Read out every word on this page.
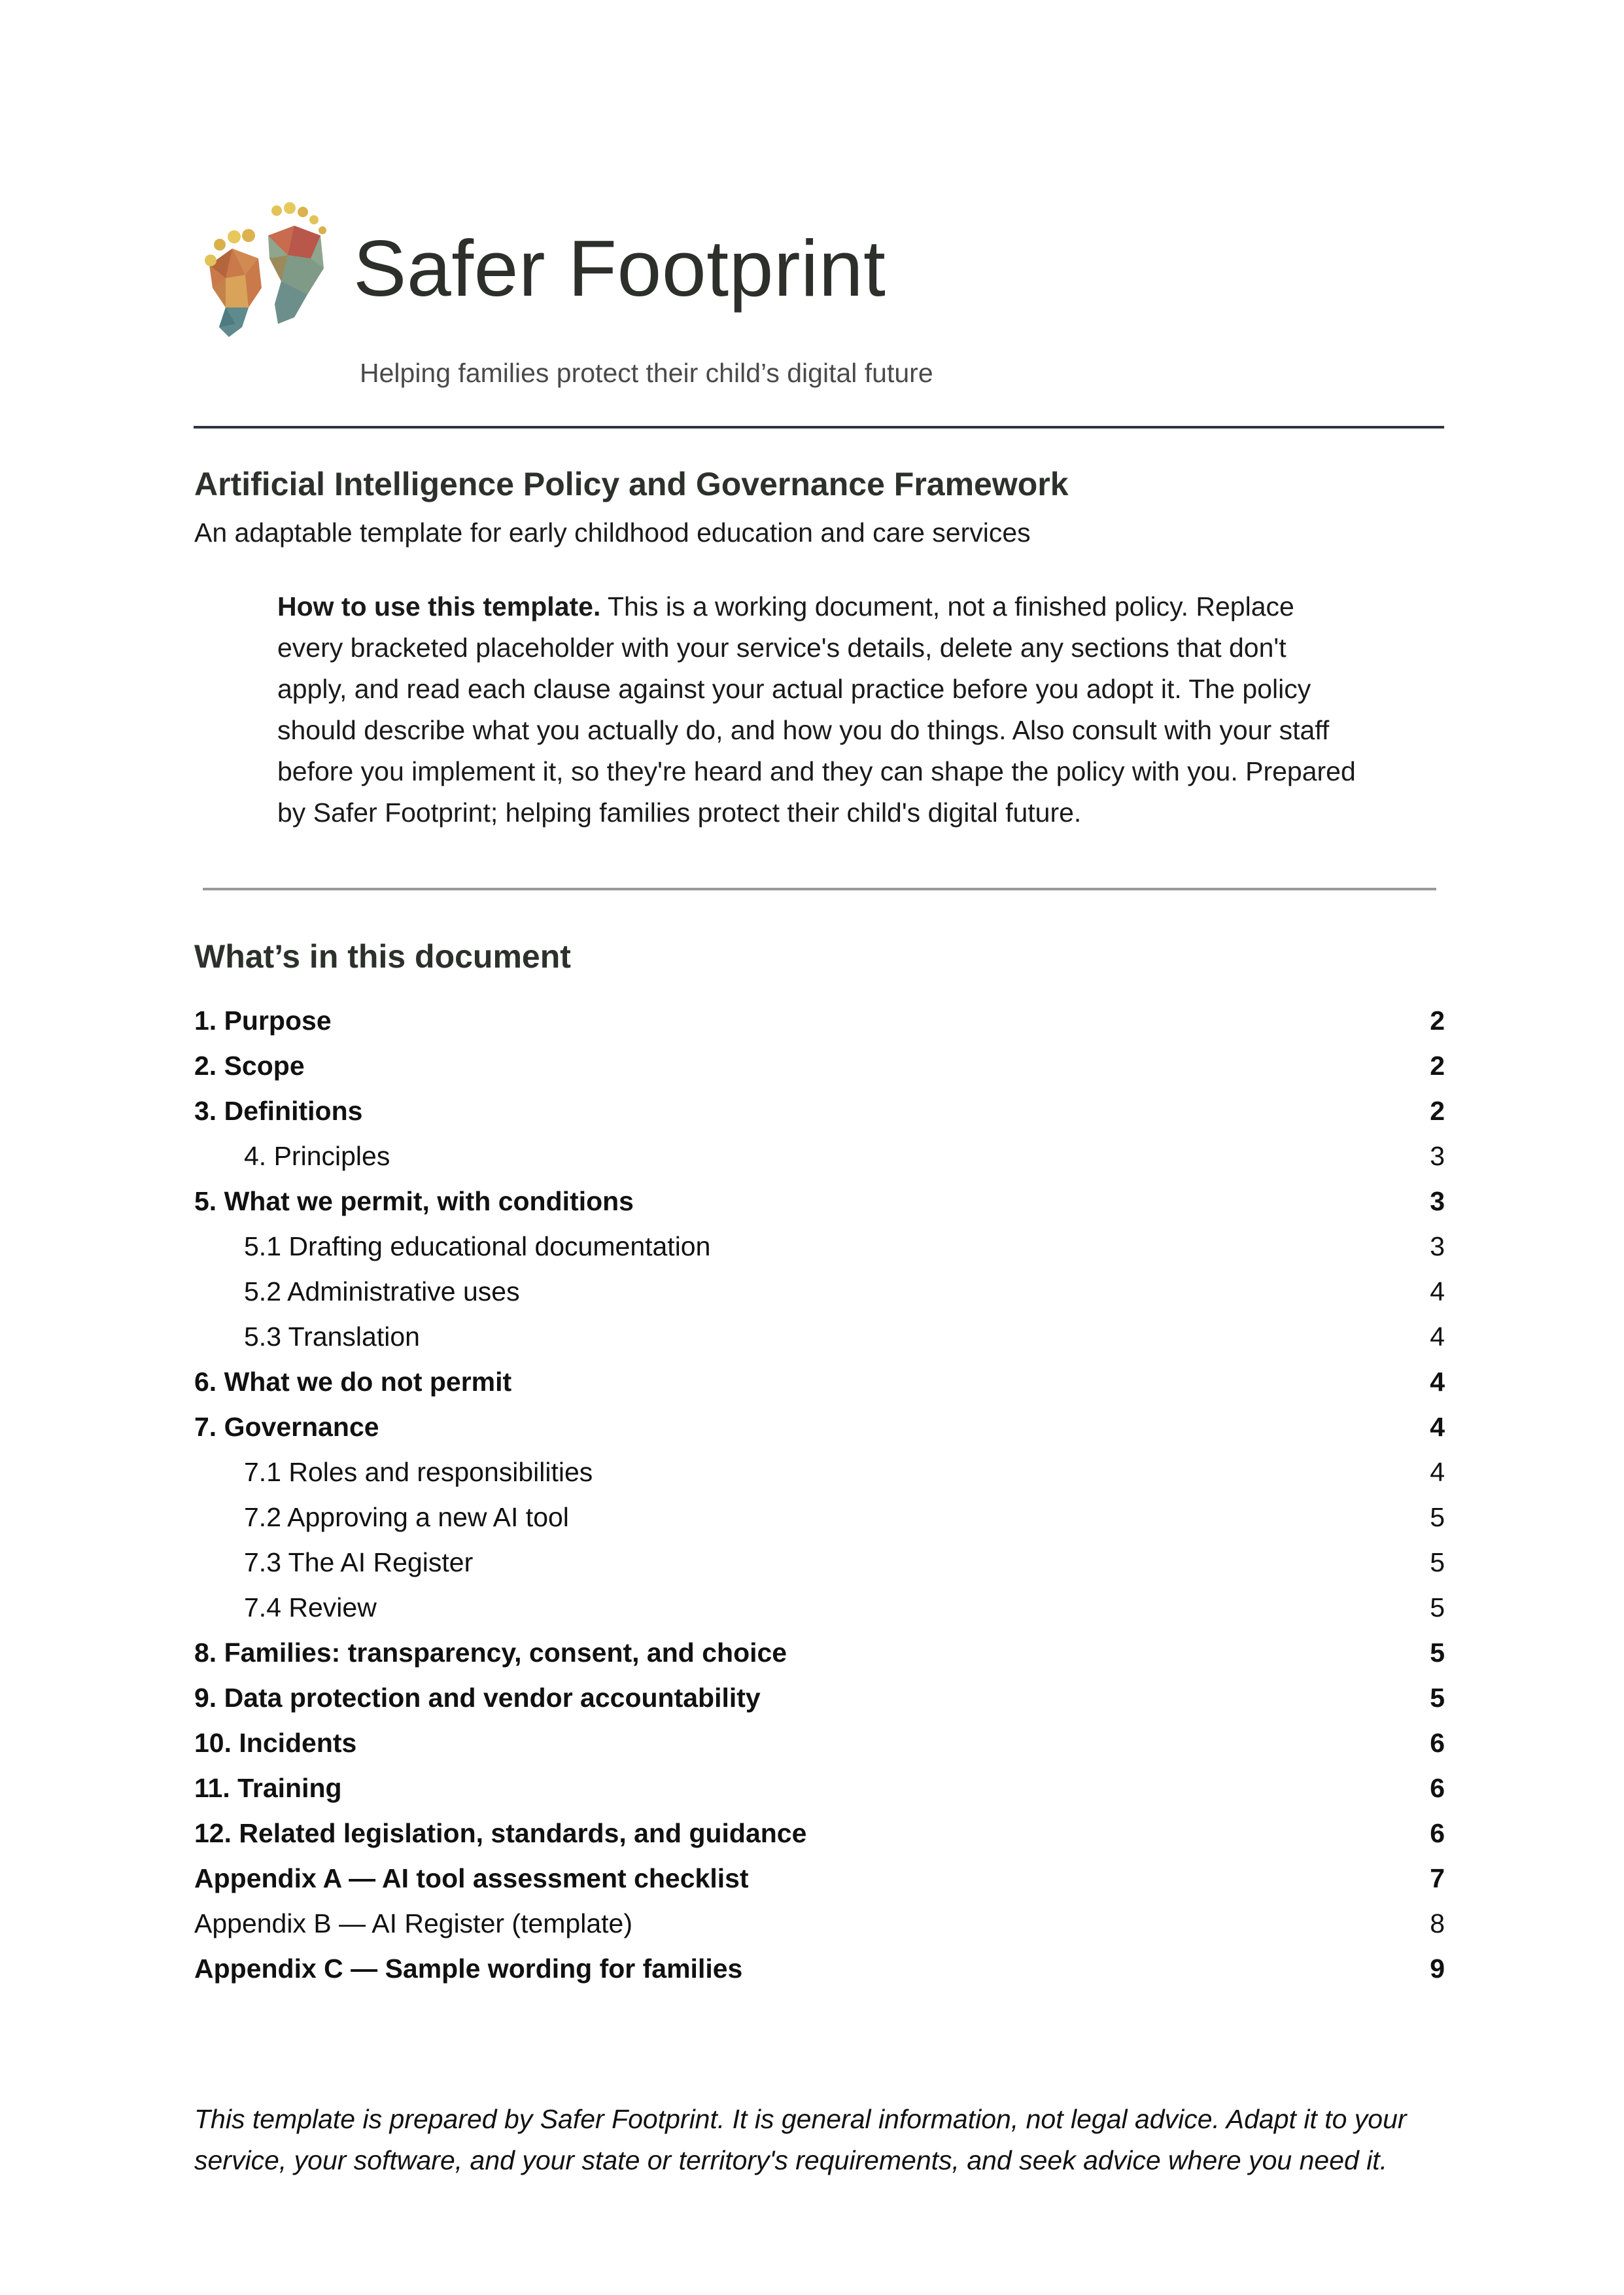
Safer Footprint
Helping families protect their child’s digital future
Artificial Intelligence Policy and Governance Framework
An adaptable template for early childhood education and care services
How to use this template. This is a working document, not a finished policy. Replace every bracketed placeholder with your service's details, delete any sections that don't apply, and read each clause against your actual practice before you adopt it. The policy should describe what you actually do, and how you do things. Also consult with your staff before you implement it, so they're heard and they can shape the policy with you. Prepared by Safer Footprint; helping families protect their child's digital future.
What’s in this document
1. Purpose	2
2. Scope	2
3. Definitions	2
4. Principles	3
5. What we permit, with conditions	3
5.1 Drafting educational documentation	3
5.2 Administrative uses	4
5.3 Translation	4
6. What we do not permit	4
7. Governance	4
7.1 Roles and responsibilities	4
7.2 Approving a new AI tool	5
7.3 The AI Register	5
7.4 Review	5
8. Families: transparency, consent, and choice	5
9. Data protection and vendor accountability	5
10. Incidents	6
11. Training	6
12. Related legislation, standards, and guidance	6
Appendix A — AI tool assessment checklist	7
Appendix B — AI Register (template)	8
Appendix C — Sample wording for families	9
This template is prepared by Safer Footprint. It is general information, not legal advice. Adapt it to your service, your software, and your state or territory's requirements, and seek advice where you need it.
